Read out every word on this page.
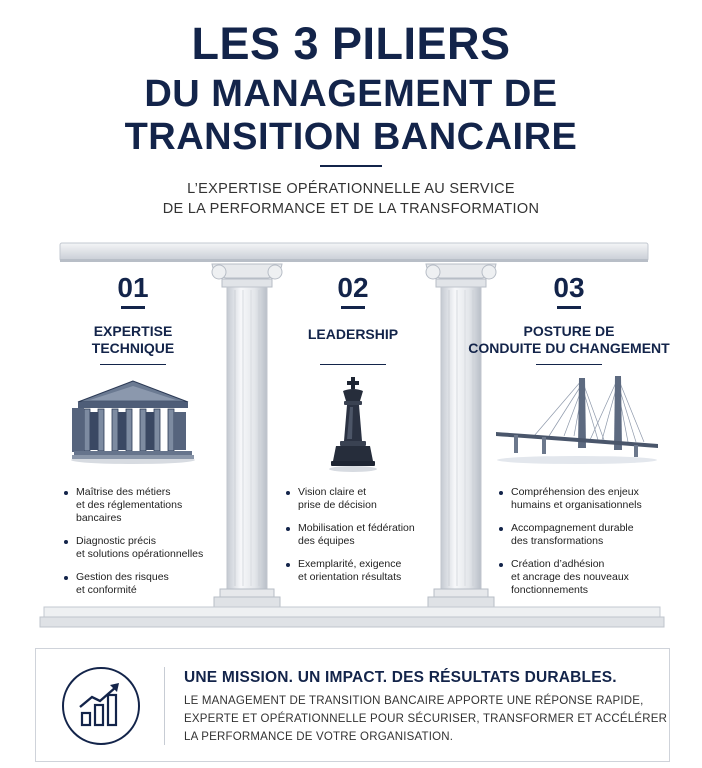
LES 3 PILIERS
DU MANAGEMENT DE
TRANSITION BANCAIRE
L’EXPERTISE OPÉRATIONNELLE AU SERVICE
DE LA PERFORMANCE ET DE LA TRANSFORMATION
01
EXPERTISE
TECHNIQUE
Maîtrise des métiers
et des réglementations
bancaires
Diagnostic précis
et solutions opérationnelles
Gestion des risques
et conformité
02
LEADERSHIP
Vision claire et
prise de décision
Mobilisation et fédération
des équipes
Exemplarité, exigence
et orientation résultats
03
POSTURE DE
CONDUITE DU CHANGEMENT
Compréhension des enjeux
humains et organisationnels
Accompagnement durable
des transformations
Création d’adhésion
et ancrage des nouveaux
fonctionnements
UNE MISSION. UN IMPACT. DES RÉSULTATS DURABLES.
LE MANAGEMENT DE TRANSITION BANCAIRE APPORTE UNE RÉPONSE RAPIDE,
EXPERTE ET OPÉRATIONNELLE POUR SÉCURISER, TRANSFORMER ET ACCÉLÉRER
LA PERFORMANCE DE VOTRE ORGANISATION.
